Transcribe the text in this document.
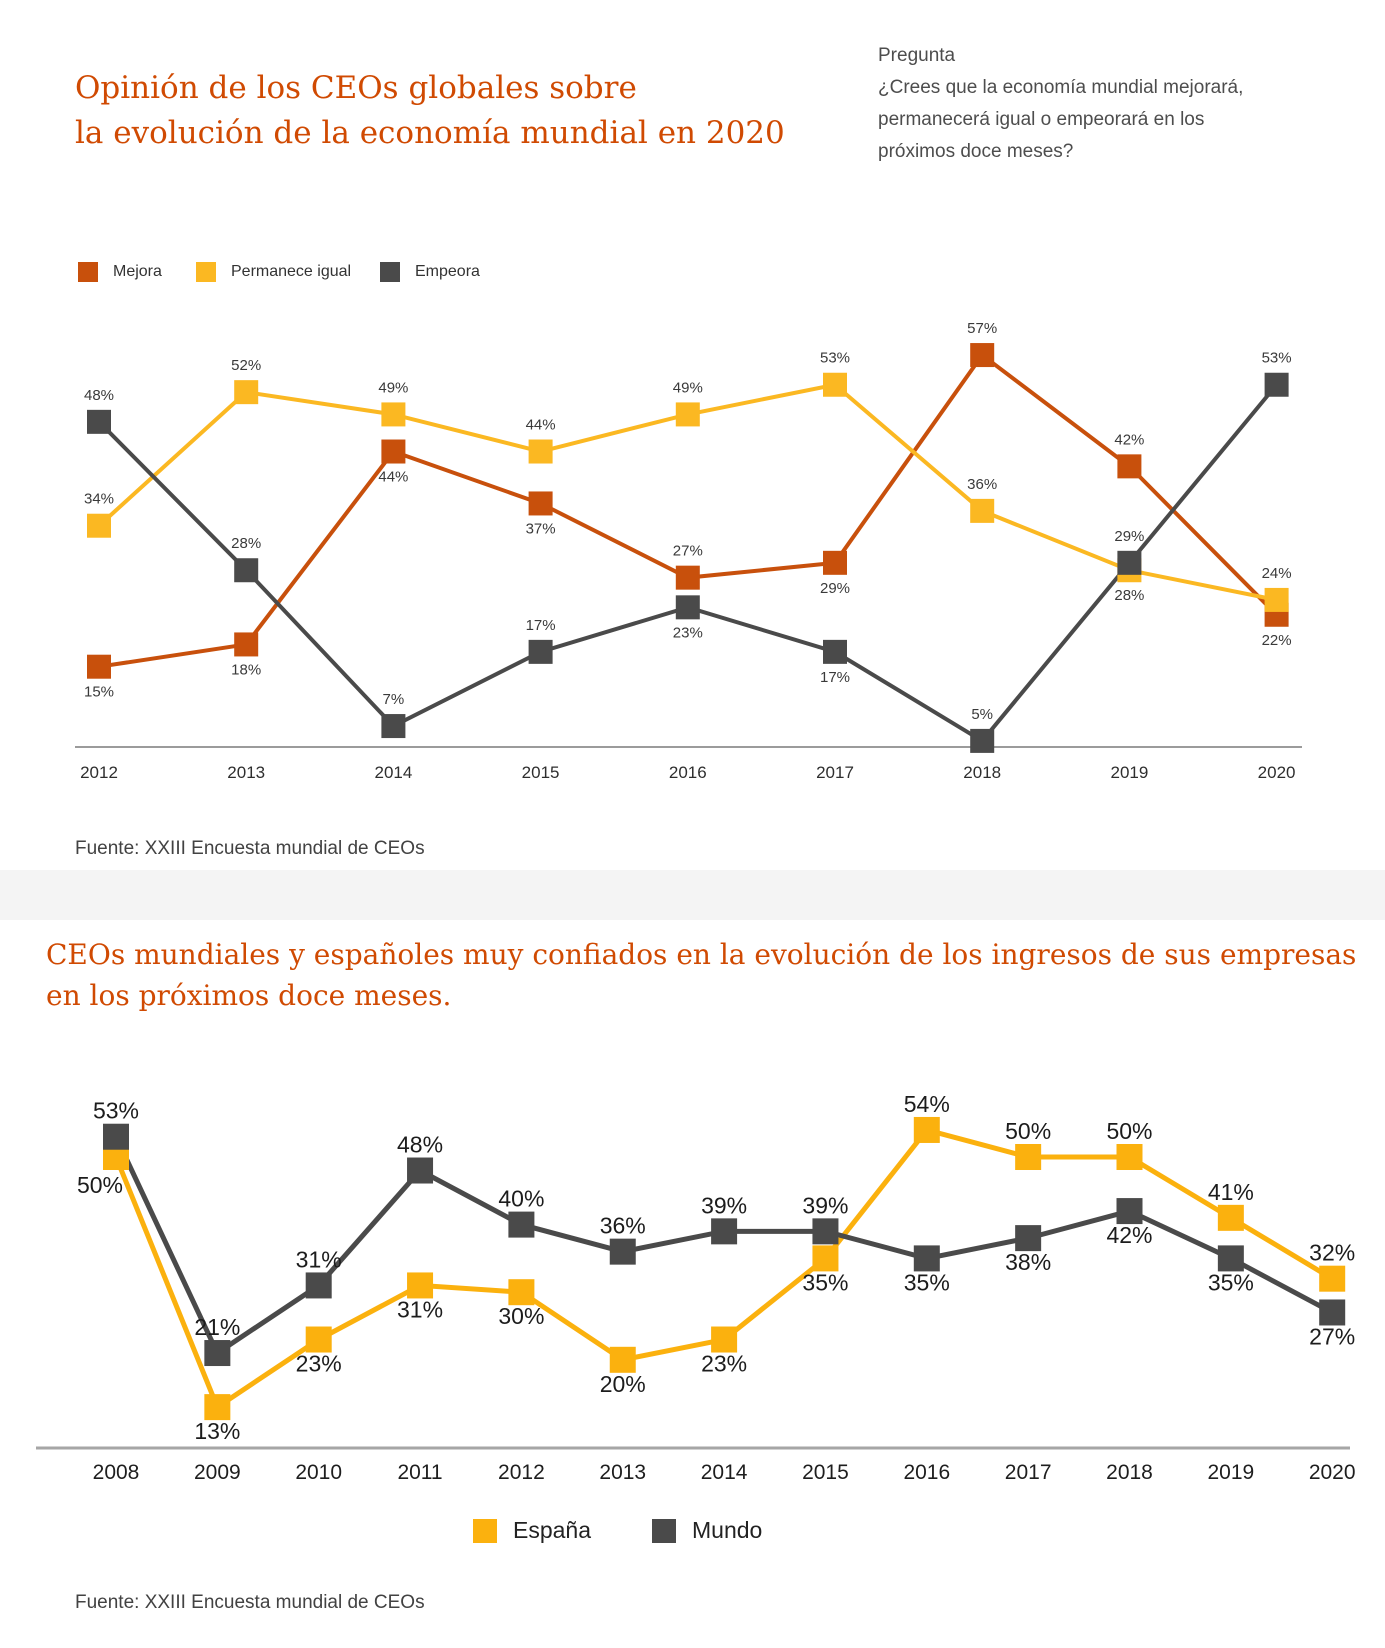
Opinión de los CEOs globales sobre
la evolución de la economía mundial en 2020
Pregunta
¿Crees que la economía mundial mejorará,
permanecerá igual o empeorará en los
próximos doce meses?
Mejora	Permanece igual	Empeora
15%
18%
44%
37%
27%
29%
57%
42%
22%
34%
52%
49%
44%
49%
53%
36%
28%
24%
48%
28%
7%
17%	23%
17%
5%
29%
53%
2012	2013	2014	2015	2016	2017	2018	2019	2020
Fuente: XXIII Encuesta mundial de CEOs
CEOs mundiales y españoles muy confiados en la evolución de los ingresos de sus empresas
en los próximos doce meses.
50%
13%
23%
31% 30%
20%
23%
35%
54%
50% 50%
41%
32%
53%
21%
31%
48%
40%
36%
39% 39%
35%
38%
42%
35%
27%
2008	2009	2010	2011	2012	2013	2014	2015	2016	2017	2018	2019	2020
España	Mundo
Fuente: XXIII Encuesta mundial de CEOs
